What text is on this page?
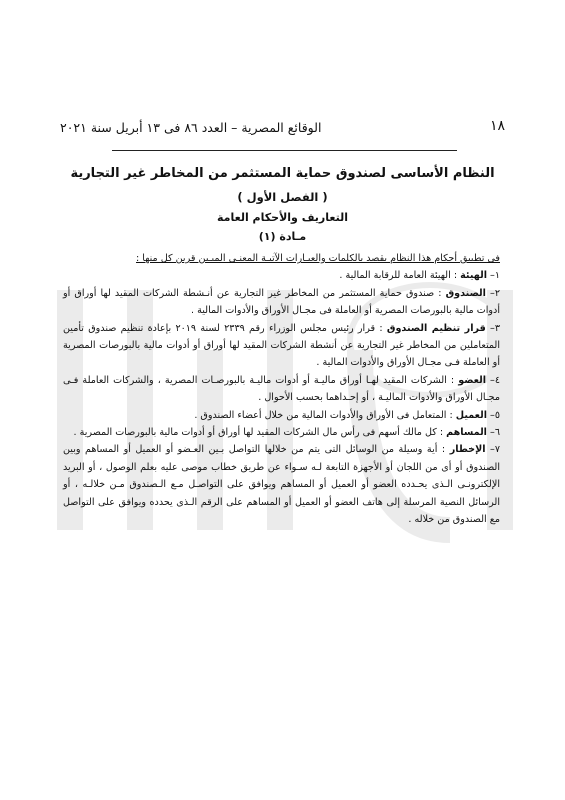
١٨
الوقائع المصرية – العدد ٨٦ فى ١٣ أبريل سنة ٢٠٢١
النظام الأساسى لصندوق حماية المستثمر من المخاطر غير التجارية
( الفصل الأول )
التعاريف والأحكام العامة
مـادة (١)

فى تطبيق أحكام هذا النظام يقصد بالكلمات والعبـارات الآتيـة المعنـى المبـين قرين كل منها :

١– الهيئة : الهيئة العامة للرقابة المالية .

٢– الصندوق : صندوق حماية المستثمر من المخاطر غير التجارية عن أنـشطة الشركات المقيد لها أوراق أو أدوات مالية بالبورصات المصرية أو العاملة فى مجـال الأوراق والأدوات المالية .

٣– قرار تنظيم الصندوق : قرار رئيس مجلس الوزراء رقم ٢٣٣٩ لسنة ٢٠١٩ بإعادة تنظيم صندوق تأمين المتعاملين من المخاطر غير التجارية عن أنشطة الشركات المقيد لها أوراق أو أدوات مالية بالبورصات المصرية أو العاملة فـى مجـال الأوراق والأدوات المالية .

٤– العضو : الشركات المقيد لهـا أوراق ماليـة أو أدوات ماليـة بالبورصـات المصرية ، والشركات العاملة فـى مجـال الأوراق والأدوات الماليـة ، أو إحـداهما بحسب الأحوال .

٥– العميل : المتعامل فى الأوراق والأدوات المالية من خلال أعضاء الصندوق .

٦– المساهم : كل مالك أسهم فى رأس مال الشركات المقيد لها أوراق أو أدوات مالية بالبورصات المصرية .

٧– الإخطار : أية وسيلة من الوسائل التى يتم من خلالها التواصل بـين العـضو أو العميل أو المساهم وبين الصندوق أو أى من اللجان أو الأجهزة التابعة لـه سـواء عن طريق خطاب موصى عليه بعلم الوصول ، أو البريد الإلكترونـى الـذى يحـدده العضو أو العميل أو المساهم ويوافق على التواصـل مـع الـصندوق مـن خلالـه ، أو الرسائل النصية المرسلة إلى هاتف العضو أو العميل أو المساهم على الرقم الـذى يحدده ويوافق على التواصل مع الصندوق من خلاله .
